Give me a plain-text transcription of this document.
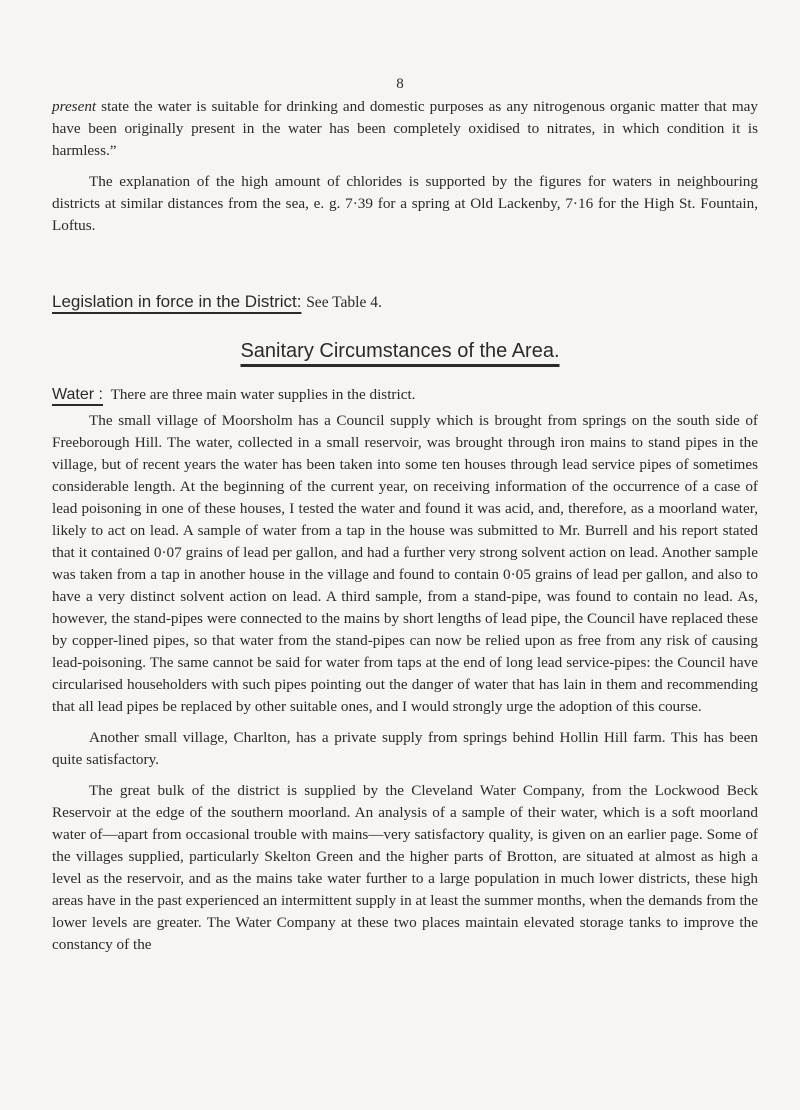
8

present state the water is suitable for drinking and domestic purposes as any nitrogenous organic matter that may have been originally present in the water has been completely oxidised to nitrates, in which condition it is harmless.”

The explanation of the high amount of chlorides is supported by the figures for waters in neighbouring districts at similar distances from the sea, e. g. 7·39 for a spring at Old Lackenby, 7·16 for the High St. Fountain, Loftus.

Legislation in force in the District: See Table 4.
Sanitary Circumstances of the Area.
Water : There are three main water supplies in the district.

The small village of Moorsholm has a Council supply which is brought from springs on the south side of Freeborough Hill. The water, collected in a small reservoir, was brought through iron mains to stand pipes in the village, but of recent years the water has been taken into some ten houses through lead service pipes of sometimes considerable length. At the beginning of the current year, on receiving information of the occurrence of a case of lead poisoning in one of these houses, I tested the water and found it was acid, and, therefore, as a moorland water, likely to act on lead. A sample of water from a tap in the house was submitted to Mr. Burrell and his report stated that it contained 0·07 grains of lead per gallon, and had a further very strong solvent action on lead. Another sample was taken from a tap in another house in the village and found to contain 0·05 grains of lead per gallon, and also to have a very distinct solvent action on lead. A third sample, from a stand-pipe, was found to contain no lead. As, however, the stand-pipes were connected to the mains by short lengths of lead pipe, the Council have replaced these by copper-lined pipes, so that water from the stand-pipes can now be relied upon as free from any risk of causing lead-poisoning. The same cannot be said for water from taps at the end of long lead service-pipes: the Council have circularised householders with such pipes pointing out the danger of water that has lain in them and recommending that all lead pipes be replaced by other suitable ones, and I would strongly urge the adoption of this course.

Another small village, Charlton, has a private supply from springs behind Hollin Hill farm. This has been quite satisfactory.

The great bulk of the district is supplied by the Cleveland Water Company, from the Lockwood Beck Reservoir at the edge of the southern moorland. An analysis of a sample of their water, which is a soft moorland water of—apart from occasional trouble with mains—very satisfactory quality, is given on an earlier page. Some of the villages supplied, particularly Skelton Green and the higher parts of Brotton, are situated at almost as high a level as the reservoir, and as the mains take water further to a large population in much lower districts, these high areas have in the past experienced an intermittent supply in at least the summer months, when the demands from the lower levels are greater. The Water Company at these two places maintain elevated storage tanks to improve the constancy of the
